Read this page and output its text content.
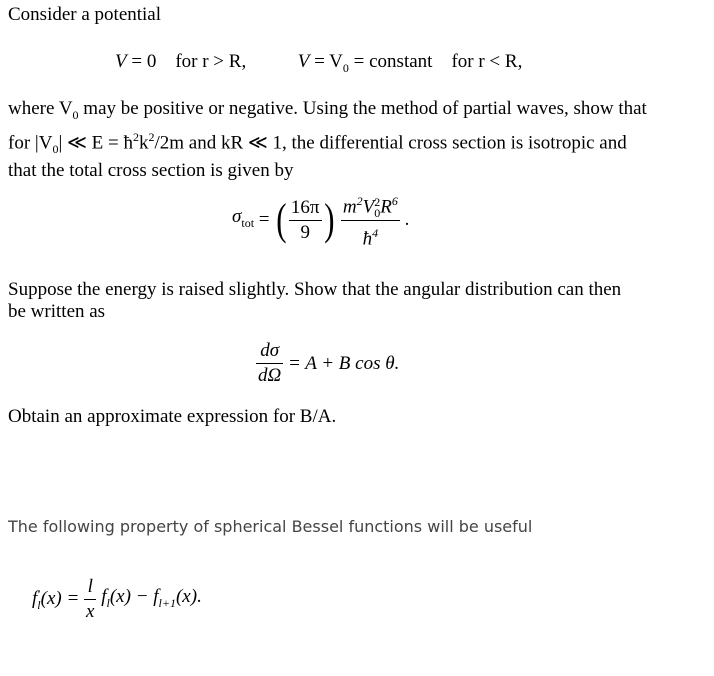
Consider a potential
V = 0 for r > R,	$V = V_0$ = constant for r < R,
where $V_0$ may be positive or negative. Using the method of partial waves, show that
for $|V_0|$ ≪ $E = ħ^2k^2/2m$ and kR ≪ 1, the differential cross section is isotropic and
that the total cross section is given by
$\sigma_{tot}$ = ( $\frac{16\pi}{9}$ ) $m^2V$ 2
0 $R^6$
$ħ^4$ .
Suppose the energy is raised slightly. Show that the angular distribution can then
be written as
$\frac{d\sigma}{d\Omega} = A + B$ cos θ.
Obtain an approximate expression for B/A.
The following property of spherical Bessel functions will be useful
f ′
l $(x) = \frac{l}{x} f_l(x) - f_{l+1}(x)$.
